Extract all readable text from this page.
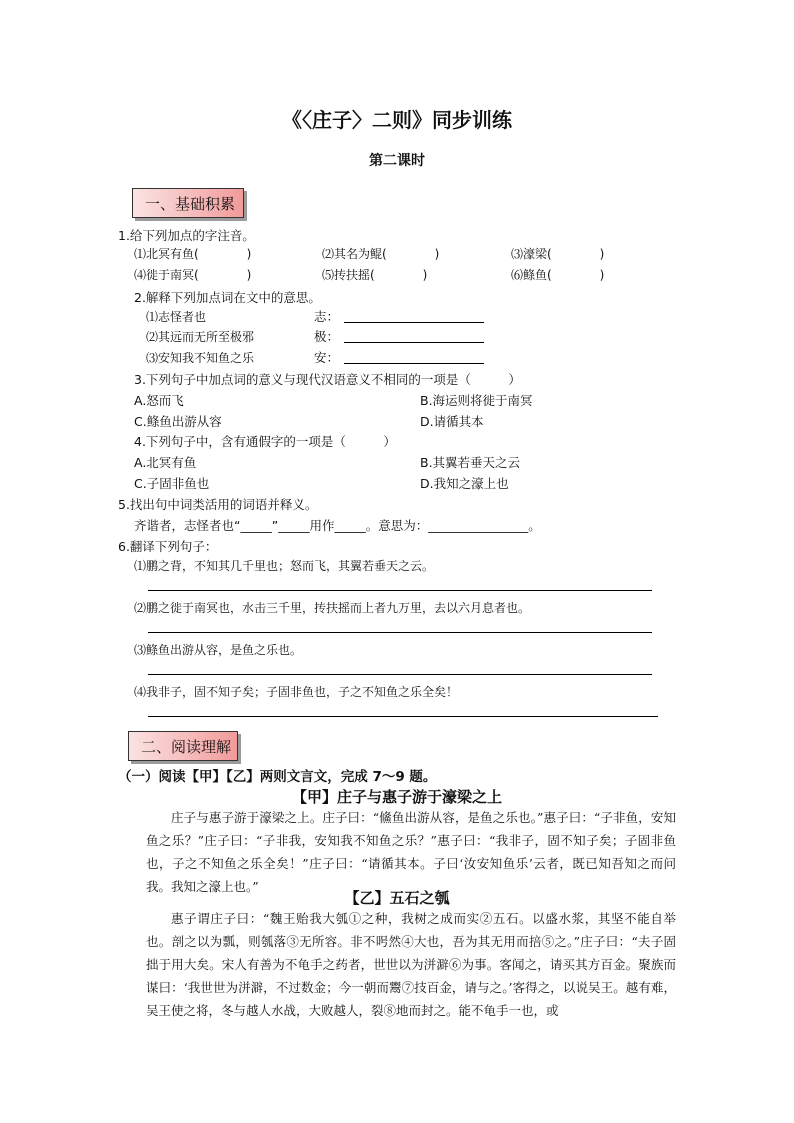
《〈庄子〉二则》同步训练
第二课时
一、基础积累
1.给下列加点的字注音。
⑴北冥有鱼(　　　　)	⑵其名为鲲(　　　　)	⑶濠梁(　　　　)
⑷徙于南冥(　　　　)	⑸抟扶摇(　　　　)	⑹鲦鱼(　　　　)
2.解释下列加点词在文中的意思。
⑴志怪者也	志：
⑵其远而无所至极邪	极：
⑶安知我不知鱼之乐	安：
3.下列句子中加点词的意义与现代汉语意义不相同的一项是（　　　）
A.怒而飞	B.海运则将徙于南冥
C.鲦鱼出游从容	D.请循其本
4.下列句子中，含有通假字的一项是（　　　）
A.北冥有鱼	B.其翼若垂天之云
C.子固非鱼也	D.我知之濠上也
5.找出句中词类活用的词语并释义。
齐谐者，志怪者也“_____”_____用作_____。意思为：________________。
6.翻译下列句子：
⑴鹏之背，不知其几千里也；怒而飞，其翼若垂天之云。
⑵鹏之徙于南冥也，水击三千里，抟扶摇而上者九万里，去以六月息者也。
⑶鲦鱼出游从容，是鱼之乐也。
⑷我非子，固不知子矣；子固非鱼也，子之不知鱼之乐全矣！
二、阅读理解
（一）阅读【甲】【乙】两则文言文，完成 7～9 题。
【甲】庄子与惠子游于濠梁之上

庄子与惠子游于濠梁之上。庄子曰：“鯈鱼出游从容，是鱼之乐也。”惠子曰：“子非鱼，安知鱼之乐？”庄子曰：“子非我，安知我不知鱼之乐？”惠子曰：“我非子，固不知子矣；子固非鱼也，子之不知鱼之乐全矣！”庄子曰：“请循其本。子曰‘汝安知鱼乐’云者，既已知吾知之而问我。我知之濠上也。”

【乙】五石之瓠

惠子谓庄子曰：“魏王贻我大瓠①之种，我树之成而实②五石。以盛水浆，其坚不能自举也。剖之以为瓢，则瓠落③无所容。非不呺然④大也，吾为其无用而掊⑤之。”庄子曰：“夫子固拙于用大矣。宋人有善为不龟手之药者，世世以为洴澼⑥为事。客闻之，请买其方百金。聚族而谋曰：‘我世世为洴澼，不过数金；今一朝而鬻⑦技百金，请与之。’客得之，以说吴王。越有难，吴王使之将，冬与越人水战，大败越人，裂⑧地而封之。能不龟手一也，或
